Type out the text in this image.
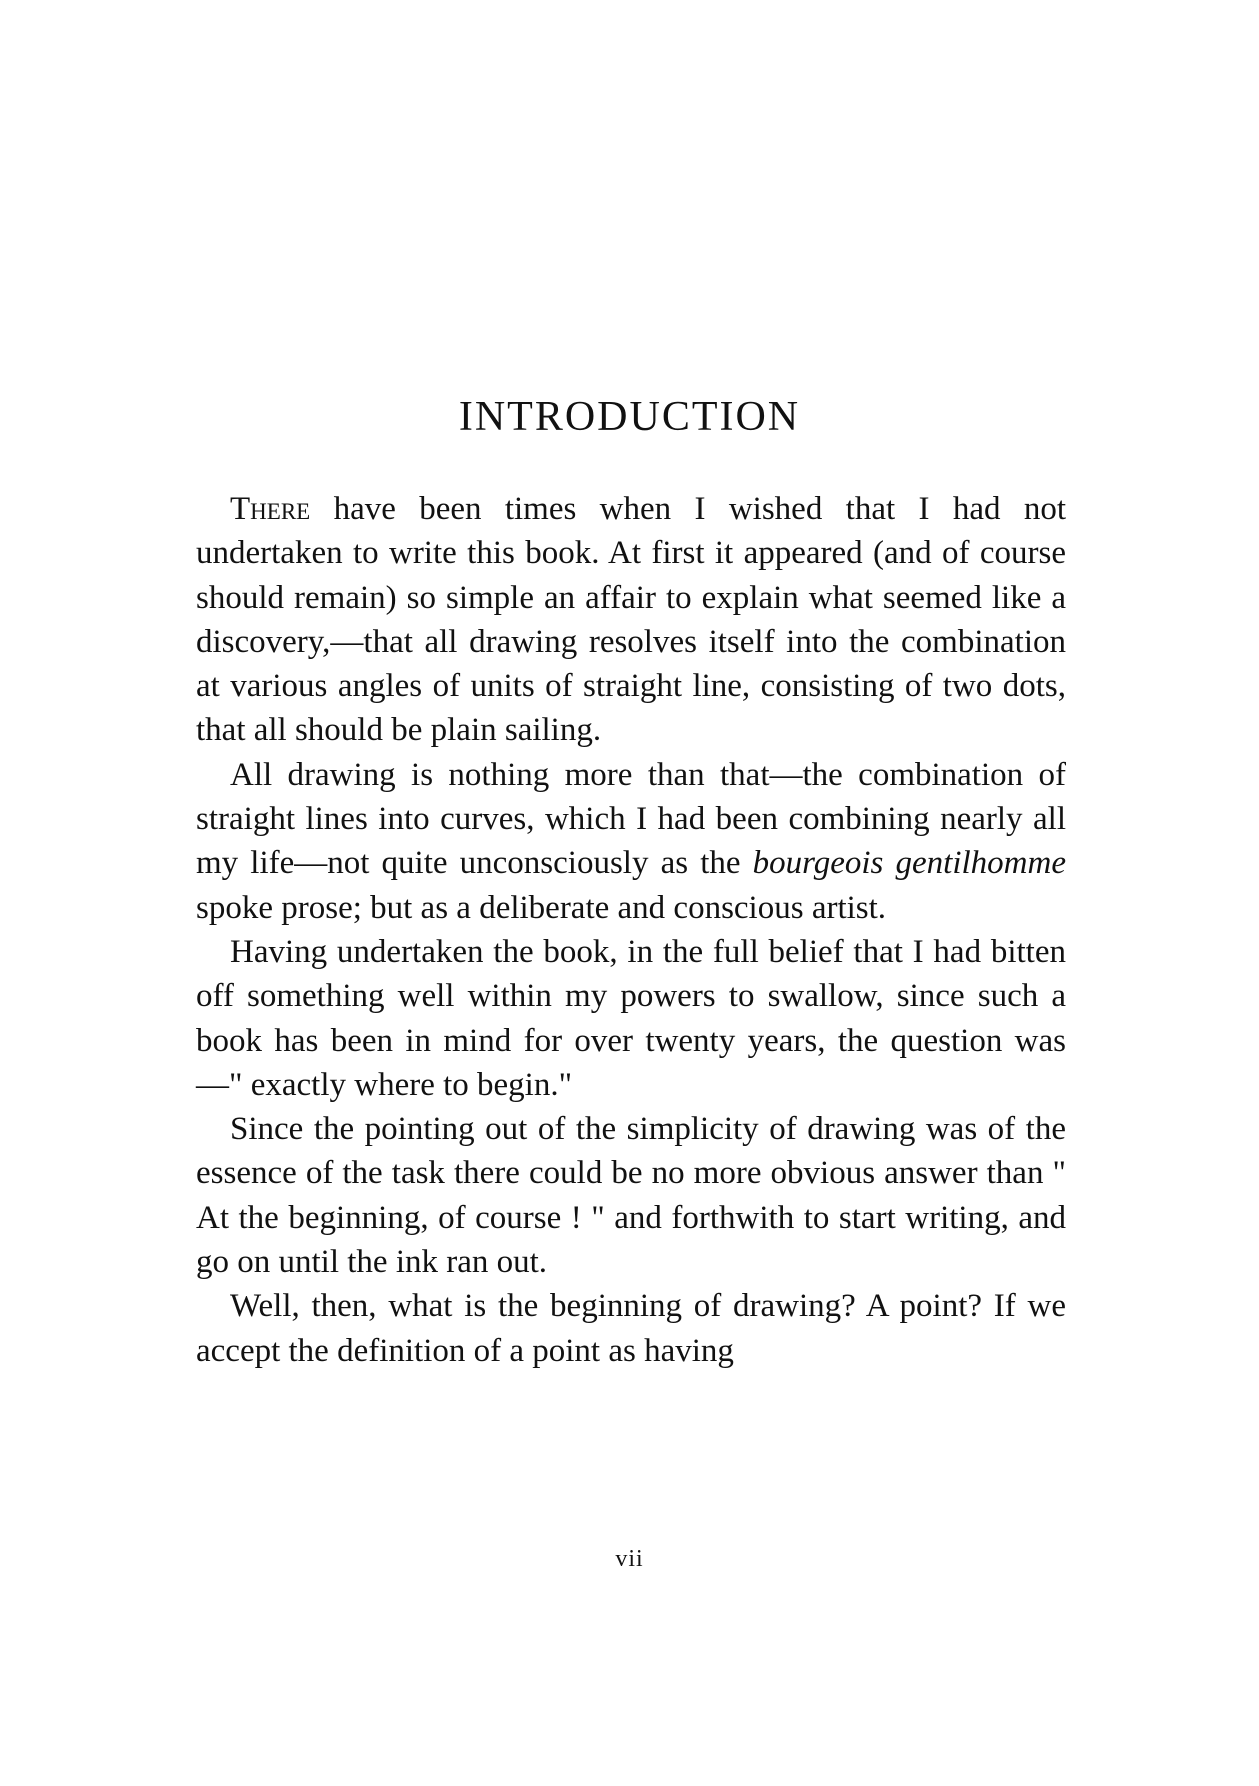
INTRODUCTION

There have been times when I wished that I had not undertaken to write this book. At first it appeared (and of course should remain) so simple an affair to explain what seemed like a discovery,—that all drawing resolves itself into the combination at various angles of units of straight line, consisting of two dots, that all should be plain sailing.

All drawing is nothing more than that—the combination of straight lines into curves, which I had been combining nearly all my life—not quite unconsciously as the bourgeois gentilhomme spoke prose; but as a deliberate and conscious artist.

Having undertaken the book, in the full belief that I had bitten off something well within my powers to swallow, since such a book has been in mind for over twenty years, the question was—" exactly where to begin."

Since the pointing out of the simplicity of drawing was of the essence of the task there could be no more obvious answer than " At the beginning, of course ! " and forthwith to start writing, and go on until the ink ran out.

Well, then, what is the beginning of drawing? A point? If we accept the definition of a point as having

vii
